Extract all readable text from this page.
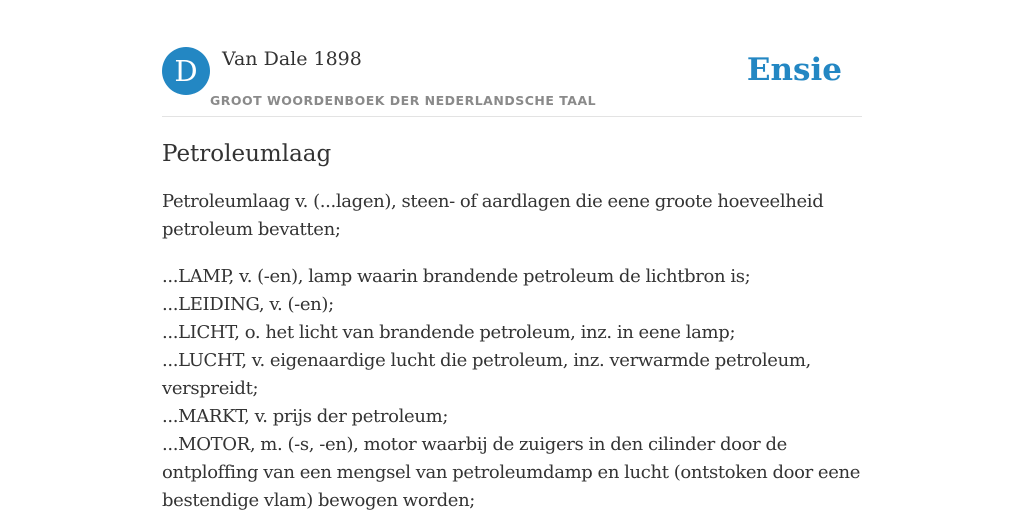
D	Van Dale 1898
GROOT WOORDENBOEK DER NEDERLANDSCHE TAAL
Ensie
Petroleumlaag

Petroleumlaag v. (...lagen), steen- of aardlagen die eene groote hoeveelheid petroleum bevatten;

...LAMP, v. (-en), lamp waarin brandende petroleum de lichtbron is;
...LEIDING, v. (-en);
...LICHT, o. het licht van brandende petroleum, inz. in eene lamp;
...LUCHT, v. eigenaardige lucht die petroleum, inz. verwarmde petroleum, verspreidt;
...MARKT, v. prijs der petroleum;
...MOTOR, m. (-s, -en), motor waarbij de zuigers in den cilinder door de ontploffing van een mengsel van petroleumdamp en lucht (ontstoken door eene bestendige vlam) bewogen worden;
